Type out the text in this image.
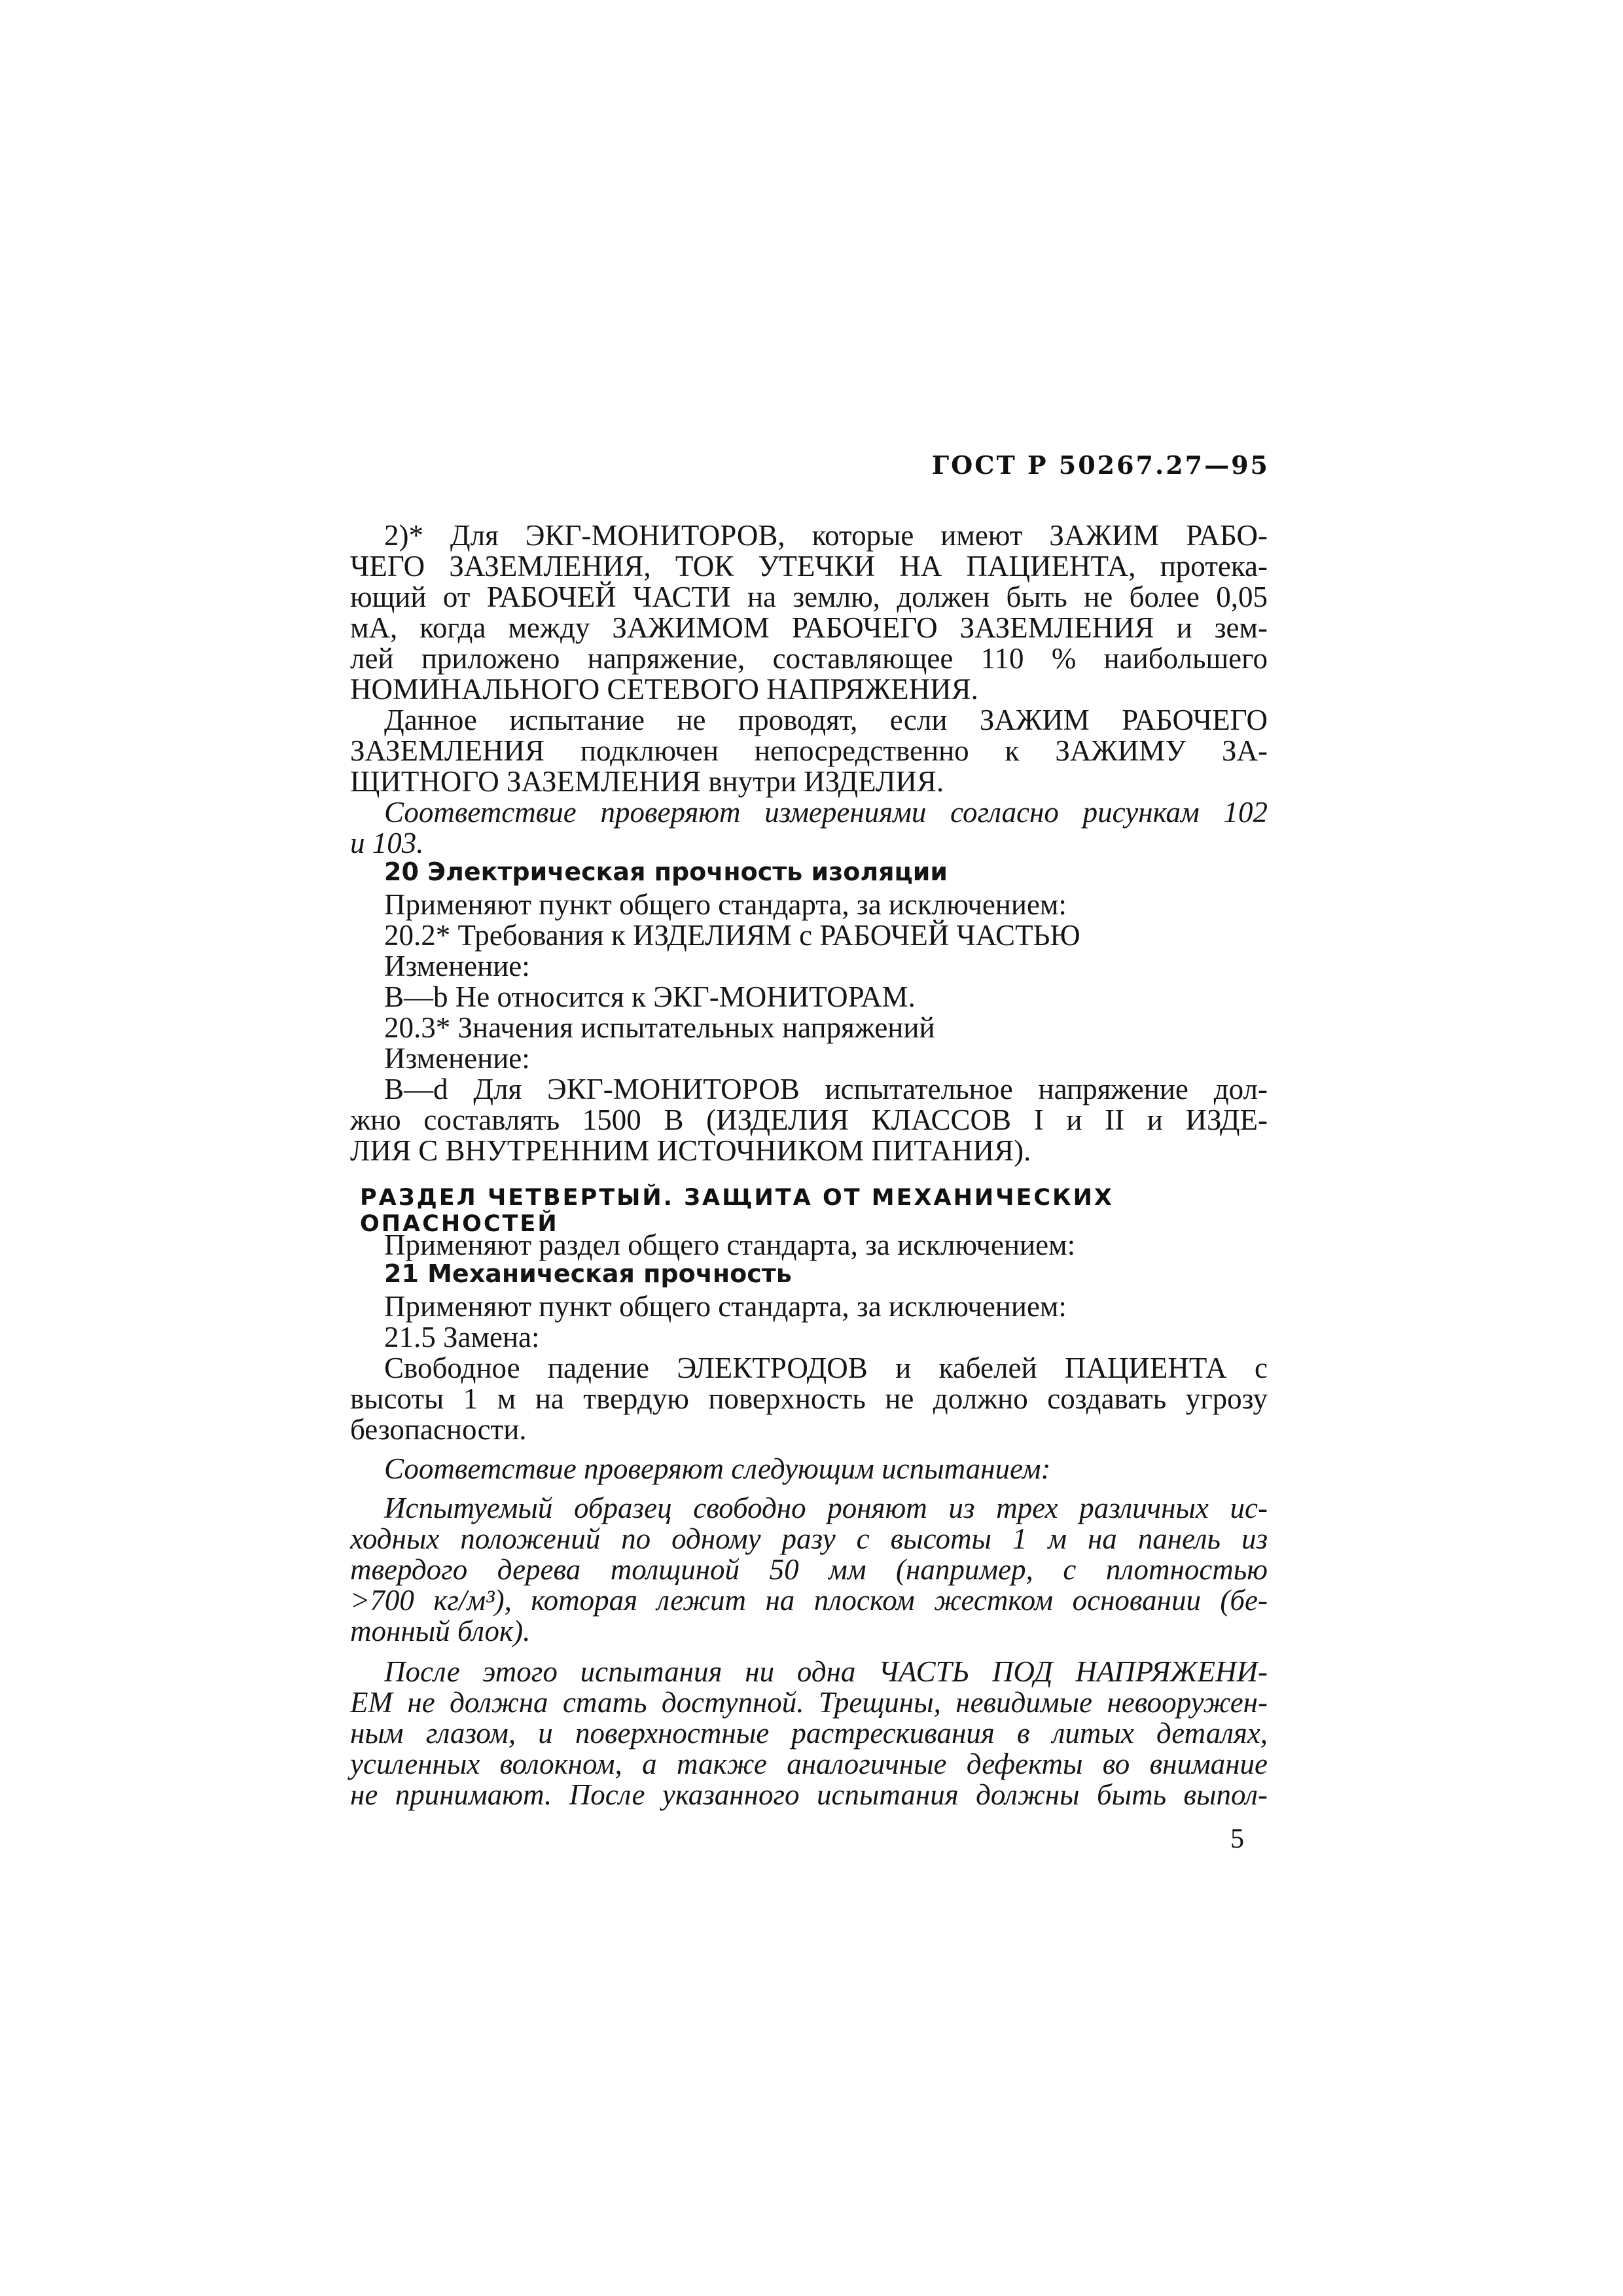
ГОСТ Р 50267.27—95
2)* Для ЭКГ-МОНИТОРОВ, которые имеют ЗАЖИМ РАБО-
ЧЕГО ЗАЗЕМЛЕНИЯ, ТОК УТЕЧКИ НА ПАЦИЕНТА, протека-
ющий от РАБОЧЕЙ ЧАСТИ на землю, должен быть не более 0,05
мА, когда между ЗАЖИМОМ РАБОЧЕГО ЗАЗЕМЛЕНИЯ и зем-
лей приложено напряжение, составляющее 110 % наибольшего
НОМИНАЛЬНОГО СЕТЕВОГО НАПРЯЖЕНИЯ.
Данное испытание не проводят, если ЗАЖИМ РАБОЧЕГО
ЗАЗЕМЛЕНИЯ подключен непосредственно к ЗАЖИМУ ЗА-
ЩИТНОГО ЗАЗЕМЛЕНИЯ внутри ИЗДЕЛИЯ.
Соответствие проверяют измерениями согласно рисункам 102
и 103.
20 Электрическая прочность изоляции
Применяют пункт общего стандарта, за исключением:
20.2* Требования к ИЗДЕЛИЯМ с РАБОЧЕЙ ЧАСТЬЮ
Изменение:
B—b Не относится к ЭКГ-МОНИТОРАМ.
20.3* Значения испытательных напряжений
Изменение:
B—d Для ЭКГ-МОНИТОРОВ испытательное напряжение дол-
жно составлять 1500 В (ИЗДЕЛИЯ КЛАССОВ I и II и ИЗДЕ-
ЛИЯ С ВНУТРЕННИМ ИСТОЧНИКОМ ПИТАНИЯ).
РАЗДЕЛ ЧЕТВЕРТЫЙ. ЗАЩИТА ОТ МЕХАНИЧЕСКИХ ОПАСНОСТЕЙ
Применяют раздел общего стандарта, за исключением:
21 Механическая прочность
Применяют пункт общего стандарта, за исключением:
21.5 Замена:
Свободное падение ЭЛЕКТРОДОВ и кабелей ПАЦИЕНТА с
высоты 1 м на твердую поверхность не должно создавать угрозу
безопасности.
Соответствие проверяют следующим испытанием:
Испытуемый образец свободно роняют из трех различных ис-
ходных положений по одному разу с высоты 1 м на панель из
твердого дерева толщиной 50 мм (например, с плотностью
>700 кг/м³), которая лежит на плоском жестком основании (бе-
тонный блок).
После этого испытания ни одна ЧАСТЬ ПОД НАПРЯЖЕНИ-
ЕМ не должна стать доступной. Трещины, невидимые невооружен-
ным глазом, и поверхностные растрескивания в литых деталях,
усиленных волокном, а также аналогичные дефекты во внимание
не принимают. После указанного испытания должны быть выпол-
5
